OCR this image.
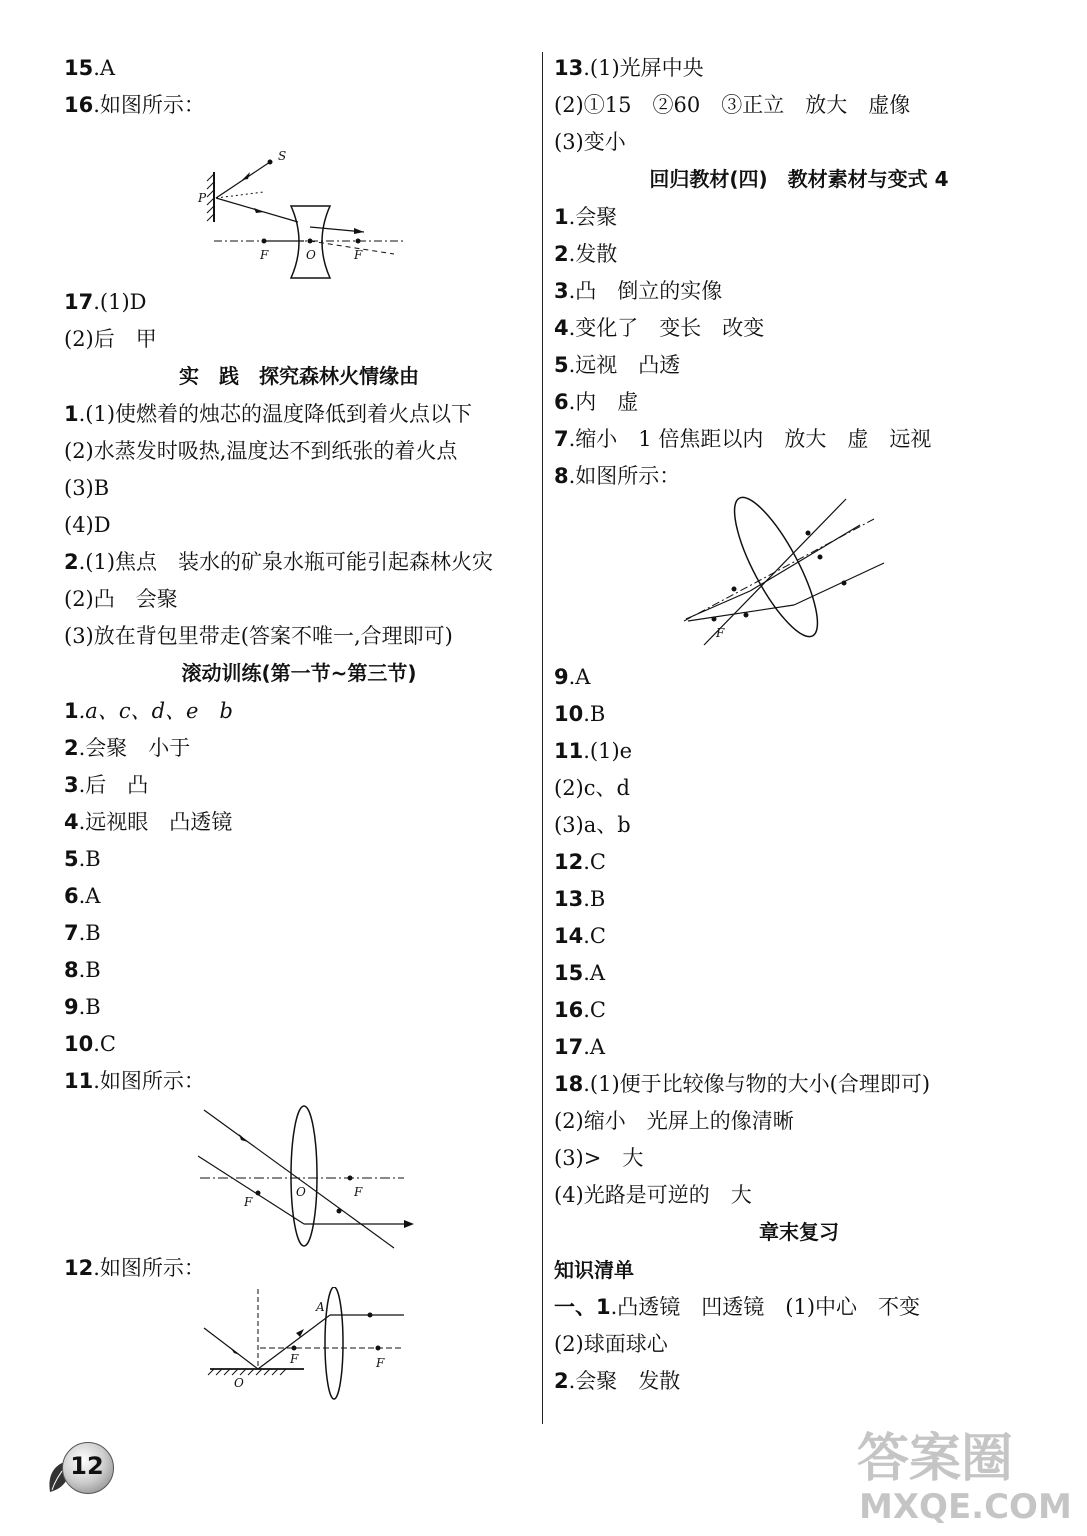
15.A
16.如图所示：
S
P
F	O	F
17.(1)D
(2)后　甲
实　践　探究森林火情缘由
1.(1)使燃着的烛芯的温度降低到着火点以下
(2)水蒸发时吸热,温度达不到纸张的着火点
(3)B
(4)D
2.(1)焦点　装水的矿泉水瓶可能引起森林火灾
(2)凸　会聚
(3)放在背包里带走(答案不唯一,合理即可)
滚动训练(第一节~第三节)
1.a、c、d、e　b
2.会聚　小于
3.后　凸
4.远视眼　凸透镜
5.B
6.A
7.B
8.B
9.B
10.C
11.如图所示：
F
O	F
12.如图所示：
A
F
O
F
13.(1)光屏中央
(2)①15　②60　③正立　放大　虚像
(3)变小
回归教材(四)　教材素材与变式 4
1.会聚
2.发散
3.凸　倒立的实像
4.变化了　变长　改变
5.远视　凸透
6.内　虚
7.缩小　1 倍焦距以内　放大　虚　远视
8.如图所示：
F
9.A
10.B
11.(1)e
(2)c、d
(3)a、b
12.C
13.B
14.C
15.A
16.C
17.A
18.(1)便于比较像与物的大小(合理即可)
(2)缩小　光屏上的像清晰
(3)>　大
(4)光路是可逆的　大
章末复习
知识清单
一、1.凸透镜　凹透镜　(1)中心　不变
(2)球面球心
2.会聚　发散
12	答案圈
MXQE.COM
